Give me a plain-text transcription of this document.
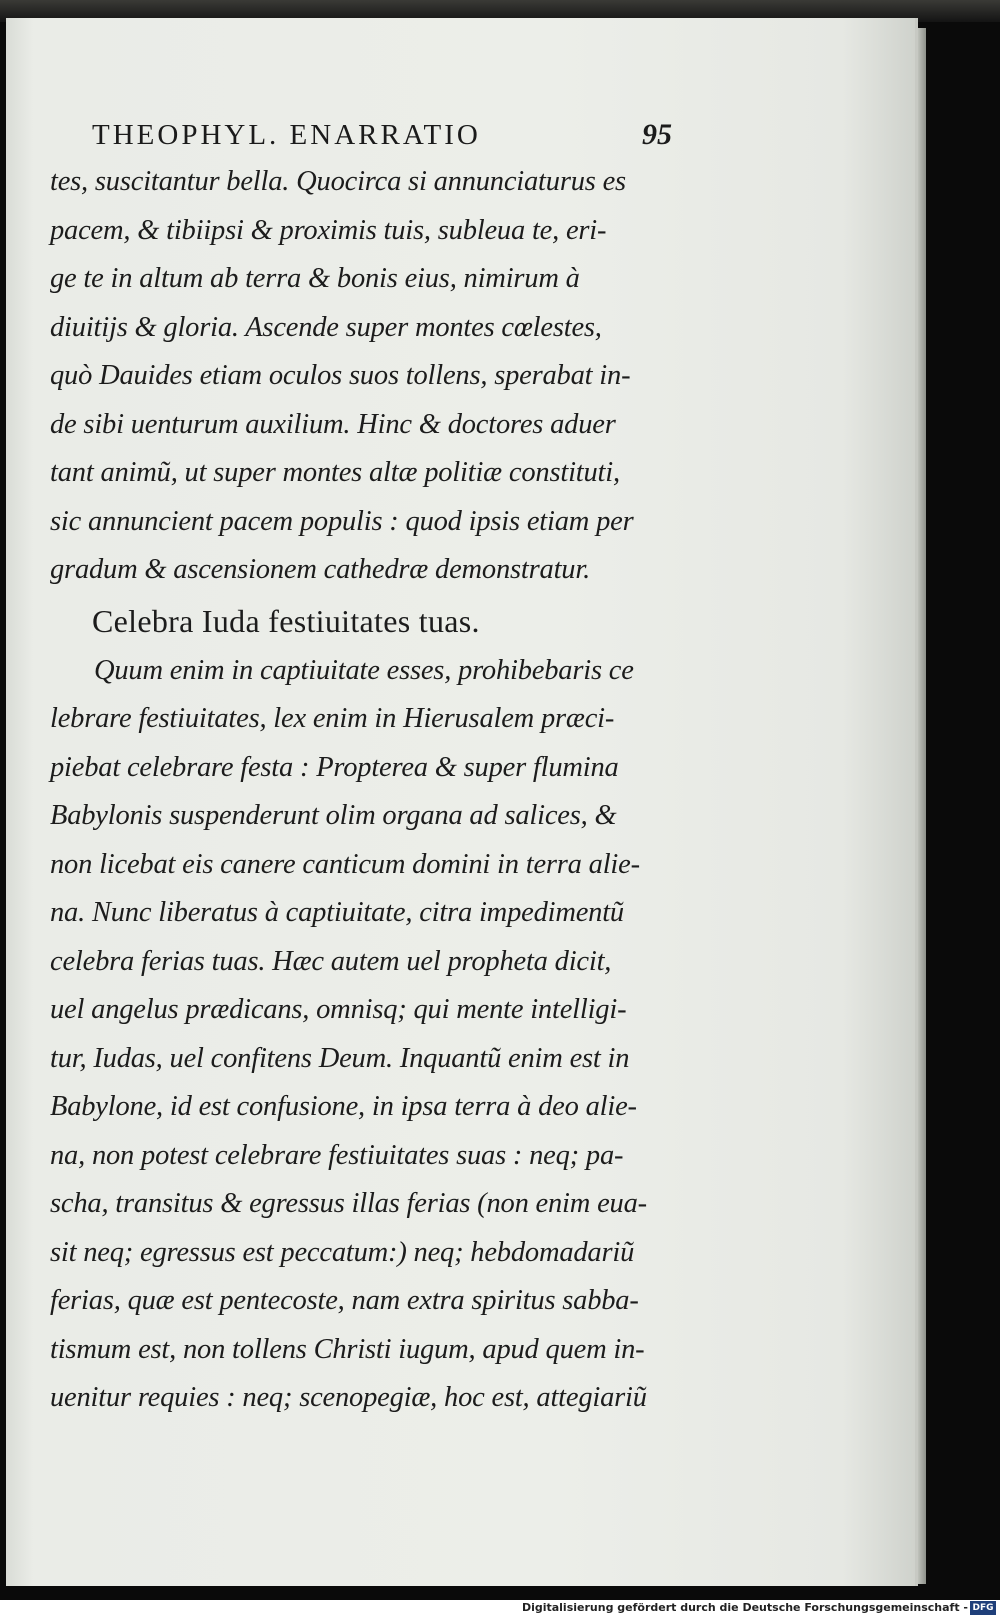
THEOPHYL. ENARRATIO	95
tes, suscitantur bella. Quocirca si annunciaturus es
pacem, & tibiipsi & proximis tuis, subleua te, eri-
ge te in altum ab terra & bonis eius, nimirum à
diuitijs & gloria. Ascende super montes cœlestes,
quò Dauides etiam oculos suos tollens, sperabat in-
de sibi uenturum auxilium. Hinc & doctores aduer
tant animũ, ut super montes altæ politiæ constituti,
sic annuncient pacem populis : quod ipsis etiam per
gradum & ascensionem cathedræ demonstratur.
Celebra Iuda festiuitates tuas.
Quum enim in captiuitate esses, prohibebaris ce
lebrare festiuitates, lex enim in Hierusalem præci-
piebat celebrare festa : Propterea & super flumina
Babylonis suspenderunt olim organa ad salices, &
non licebat eis canere canticum domini in terra alie-
na. Nunc liberatus à captiuitate, citra impedimentũ
celebra ferias tuas. Hæc autem uel propheta dicit,
uel angelus prædicans, omnisq; qui mente intelligi-
tur, Iudas, uel confitens Deum. Inquantũ enim est in
Babylone, id est confusione, in ipsa terra à deo alie-
na, non potest celebrare festiuitates suas : neq; pa-
scha, transitus & egressus illas ferias (non enim eua-
sit neq; egressus est peccatum:) neq; hebdomadariũ
ferias, quæ est pentecoste, nam extra spiritus sabba-
tismum est, non tollens Christi iugum, apud quem in-
uenitur requies : neq; scenopegiæ, hoc est, attegiariũ
Digitalisierung gefördert durch die Deutsche Forschungsgemeinschaft - DFG
